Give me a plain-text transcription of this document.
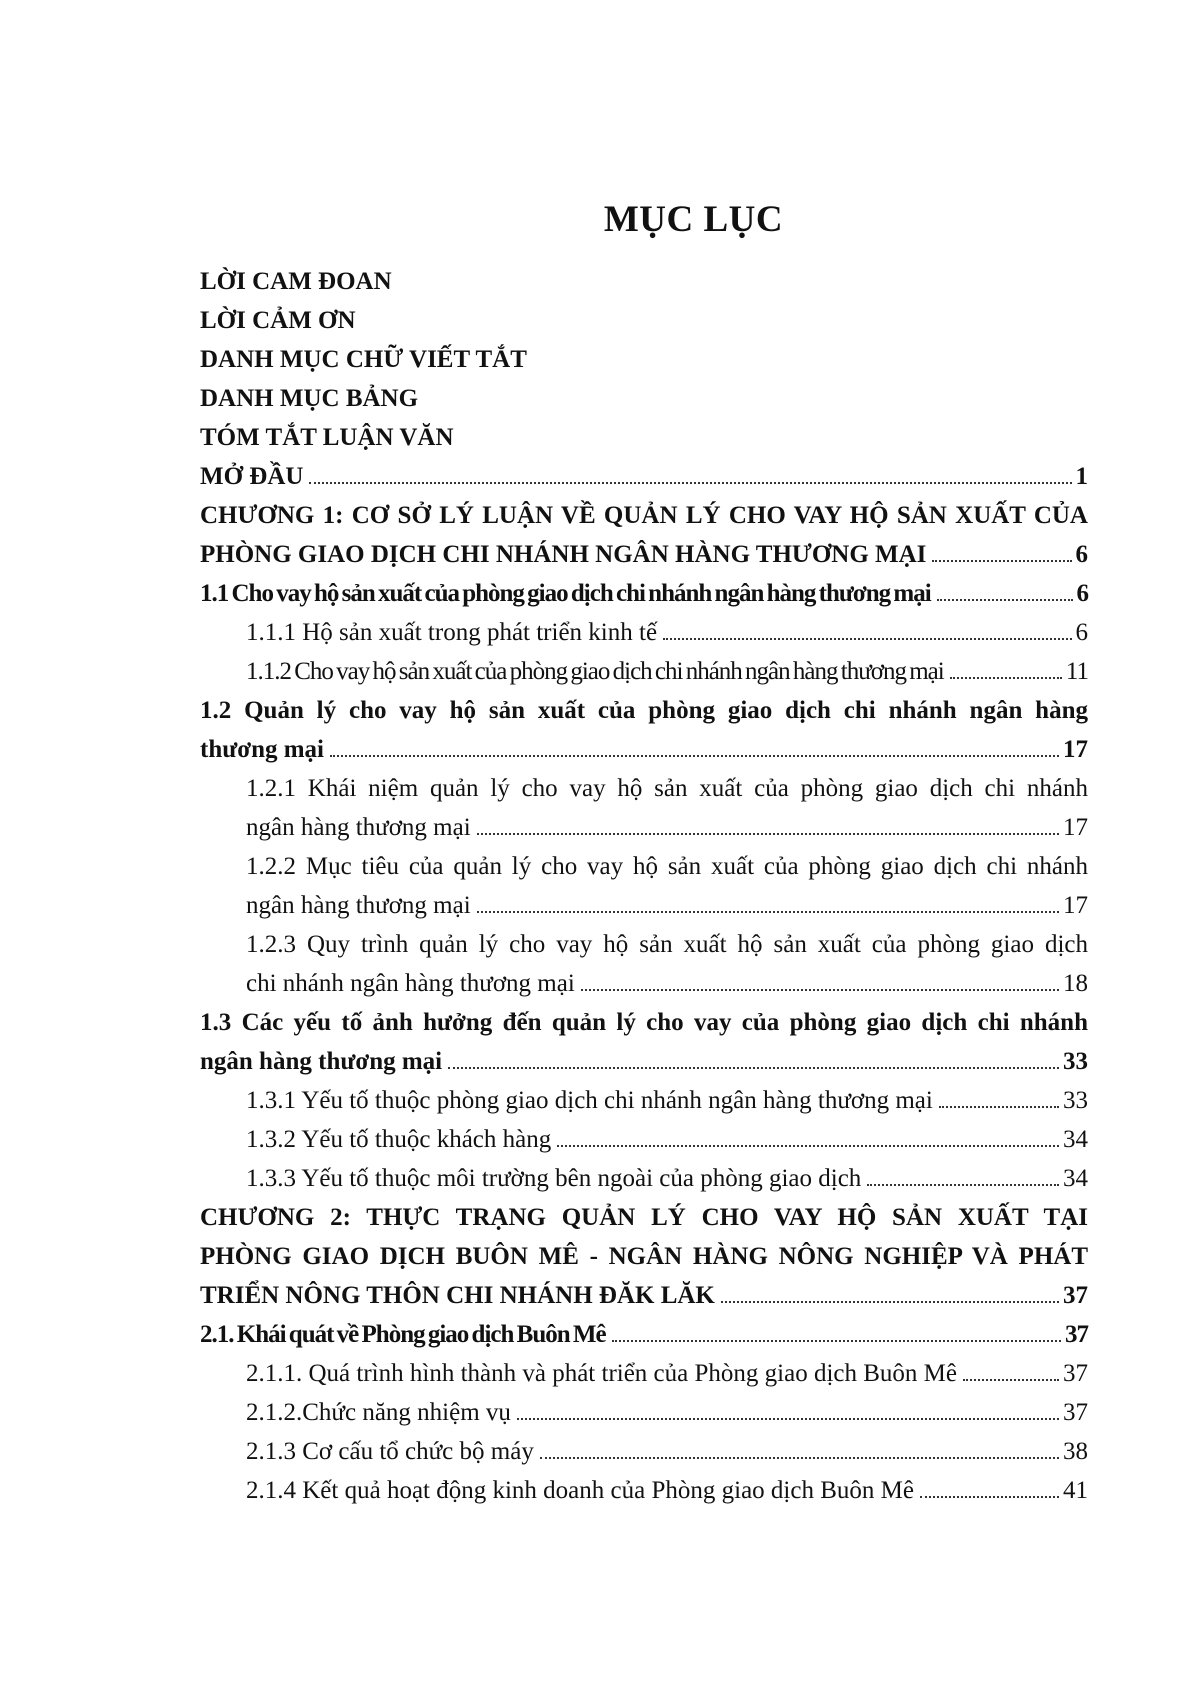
MỤC LỤC
LỜI CAM ĐOAN
LỜI CẢM ƠN
DANH MỤC CHỮ VIẾT TẮT
DANH MỤC BẢNG
TÓM TẮT LUẬN VĂN
MỞ ĐẦU	1
CHƯƠNG 1: CƠ SỞ LÝ LUẬN VỀ QUẢN LÝ CHO VAY HỘ SẢN XUẤT CỦA
PHÒNG GIAO DỊCH CHI NHÁNH NGÂN HÀNG THƯƠNG MẠI	6
1.1 Cho vay hộ sản xuất của phòng giao dịch chi nhánh ngân hàng thương mại	6
1.1.1 Hộ sản xuất trong phát triển kinh tế	6
1.1.2 Cho vay hộ sản xuất của phòng giao dịch chi nhánh ngân hàng thương mại	11
1.2 Quản lý cho vay hộ sản xuất của phòng giao dịch chi nhánh ngân hàng
thương mại	17
1.2.1 Khái niệm quản lý cho vay hộ sản xuất của phòng giao dịch chi nhánh
ngân hàng thương mại	17
1.2.2 Mục tiêu của quản lý cho vay hộ sản xuất của phòng giao dịch chi nhánh
ngân hàng thương mại	17
1.2.3 Quy trình quản lý cho vay hộ sản xuất hộ sản xuất của phòng giao dịch
chi nhánh ngân hàng thương mại	18
1.3 Các yếu tố ảnh hưởng đến quản lý cho vay của phòng giao dịch chi nhánh
ngân hàng thương mại	33
1.3.1 Yếu tố thuộc phòng giao dịch chi nhánh ngân hàng thương mại	33
1.3.2 Yếu tố thuộc khách hàng	34
1.3.3 Yếu tố thuộc môi trường bên ngoài của phòng giao dịch	34
CHƯƠNG 2: THỰC TRẠNG QUẢN LÝ CHO VAY HỘ SẢN XUẤT TẠI
PHÒNG GIAO DỊCH BUÔN MÊ - NGÂN HÀNG NÔNG NGHIỆP VÀ PHÁT
TRIỂN NÔNG THÔN CHI NHÁNH ĐĂK LĂK	37
2.1. Khái quát về Phòng giao dịch Buôn Mê	37
2.1.1. Quá trình hình thành và phát triển của Phòng giao dịch Buôn Mê	37
2.1.2.Chức năng nhiệm vụ	37
2.1.3 Cơ cấu tổ chức bộ máy	38
2.1.4 Kết quả hoạt động kinh doanh của Phòng giao dịch Buôn Mê	41
